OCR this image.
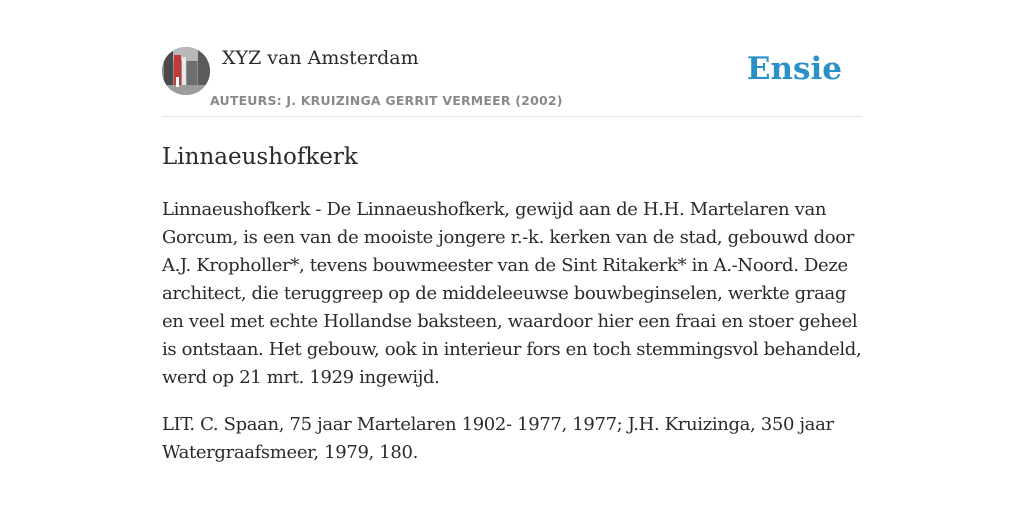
XYZ van Amsterdam
AUTEURS: J. KRUIZINGA GERRIT VERMEER (2002)
Ensie
Linnaeushofkerk

Linnaeushofkerk - De Linnaeushofkerk, gewijd aan de H.H. Martelaren van Gorcum, is een van de mooiste jongere r.-k. kerken van de stad, gebouwd door A.J. Kropholler*, tevens bouwmeester van de Sint Ritakerk* in A.-Noord. Deze architect, die teruggreep op de middeleeuwse bouwbeginselen, werkte graag en veel met echte Hollandse baksteen, waardoor hier een fraai en stoer geheel is ontstaan. Het gebouw, ook in interieur fors en toch stemmingsvol behandeld, werd op 21 mrt. 1929 ingewijd.

LIT. C. Spaan, 75 jaar Martelaren 1902- 1977, 1977; J.H. Kruizinga, 350 jaar Watergraafsmeer, 1979, 180.
